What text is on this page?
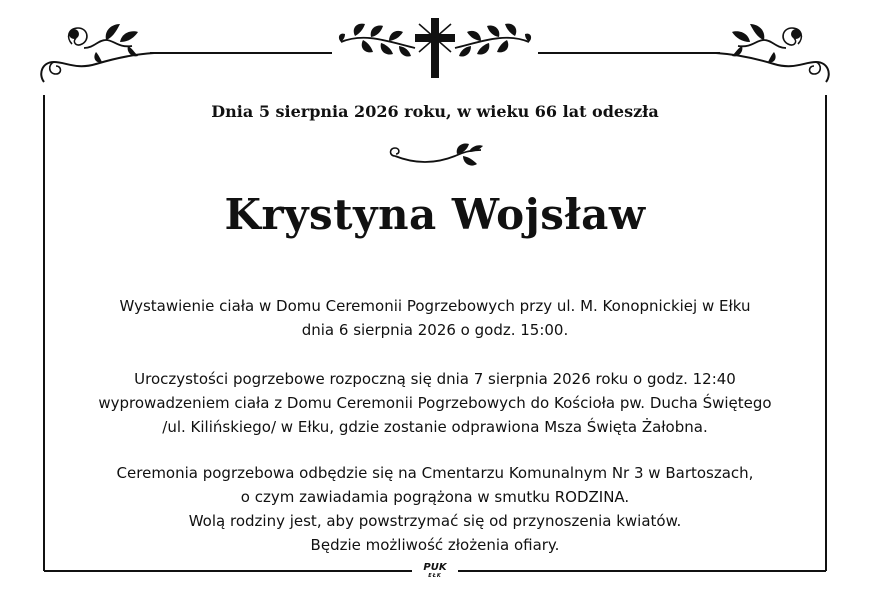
Dnia 5 sierpnia 2026 roku, w wieku 66 lat odeszła
Krystyna Wojsław
Wystawienie ciała w Domu Ceremonii Pogrzebowych przy ul. M. Konopnickiej w Ełku
dnia 6 sierpnia 2026 o godz. 15:00.
Uroczystości pogrzebowe rozpoczną się dnia 7 sierpnia 2026 roku o godz. 12:40
wyprowadzeniem ciała z Domu Ceremonii Pogrzebowych do Kościoła pw. Ducha Świętego
/ul. Kilińskiego/ w Ełku, gdzie zostanie odprawiona Msza Święta Żałobna.
Ceremonia pogrzebowa odbędzie się na Cmentarzu Komunalnym Nr 3 w Bartoszach,
o czym zawiadamia pogrążona w smutku RODZINA.
Wolą rodziny jest, aby powstrzymać się od przynoszenia kwiatów.
Będzie możliwość złożenia ofiary.
PUK
EŁK
